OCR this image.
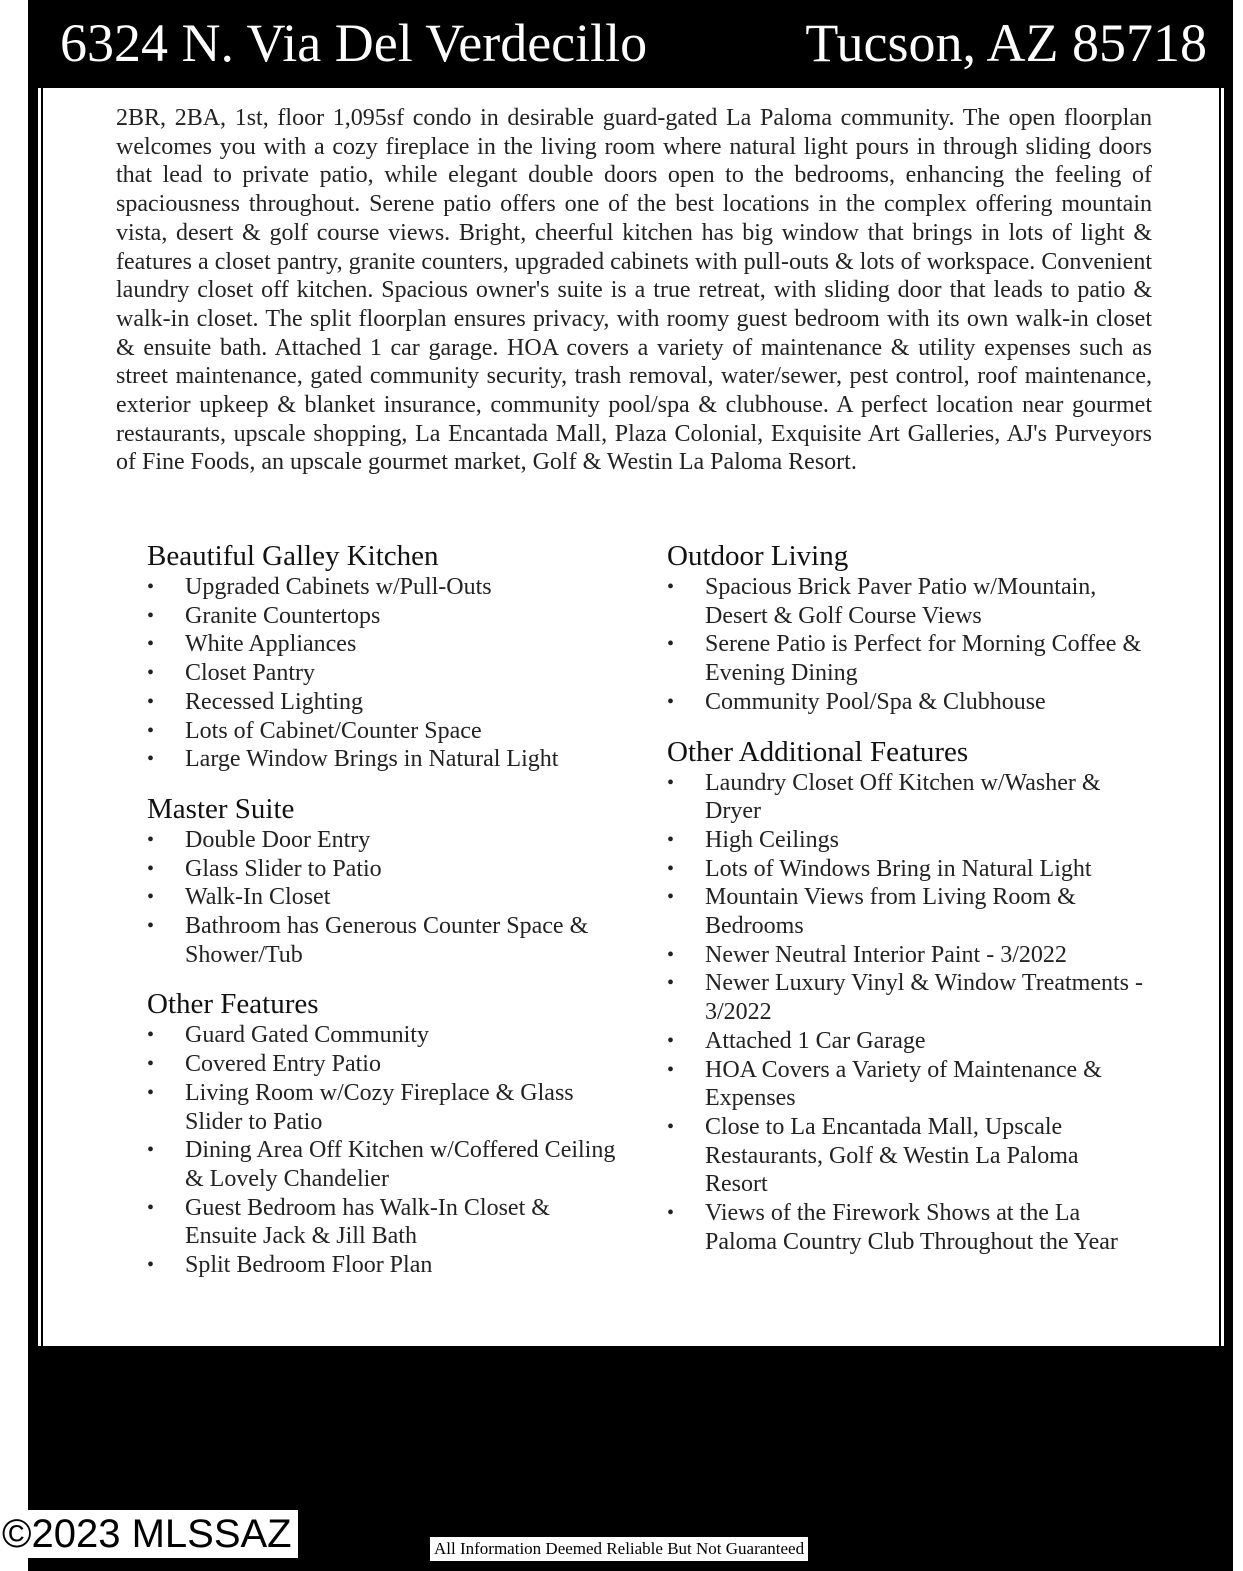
6324 N. Via Del Verdecillo	Tucson, AZ 85718

2BR, 2BA, 1st, floor 1,095sf condo in desirable guard-gated La Paloma community. The open floorplan welcomes you with a cozy fireplace in the living room where natural light pours in through sliding doors that lead to private patio, while elegant double doors open to the bedrooms, enhancing the feeling of spaciousness throughout. Serene patio offers one of the best locations in the complex offering mountain vista, desert & golf course views. Bright, cheerful kitchen has big window that brings in lots of light & features a closet pantry, granite counters, upgraded cabinets with pull-outs & lots of workspace. Convenient laundry closet off kitchen. Spacious owner's suite is a true retreat, with sliding door that leads to patio & walk-in closet. The split floorplan ensures privacy, with roomy guest bedroom with its own walk-in closet & ensuite bath. Attached 1 car garage. HOA covers a variety of maintenance & utility expenses such as street maintenance, gated community security, trash removal, water/sewer, pest control, roof maintenance, exterior upkeep & blanket insurance, community pool/spa & clubhouse. A perfect location near gourmet restaurants, upscale shopping, La Encantada Mall, Plaza Colonial, Exquisite Art Galleries, AJ's Purveyors of Fine Foods, an upscale gourmet market, Golf & Westin La Paloma Resort.

Beautiful Galley Kitchen
• Upgraded Cabinets w/Pull-Outs
• Granite Countertops
• White Appliances
• Closet Pantry
• Recessed Lighting
• Lots of Cabinet/Counter Space
• Large Window Brings in Natural Light
Master Suite
• Double Door Entry
• Glass Slider to Patio
• Walk-In Closet
• Bathroom has Generous Counter Space & Shower/Tub
Other Features
• Guard Gated Community
• Covered Entry Patio
• Living Room w/Cozy Fireplace & Glass Slider to Patio
• Dining Area Off Kitchen w/Coffered Ceiling & Lovely Chandelier
• Guest Bedroom has Walk-In Closet & Ensuite Jack & Jill Bath
• Split Bedroom Floor Plan
Outdoor Living
• Spacious Brick Paver Patio w/Mountain, Desert & Golf Course Views
• Serene Patio is Perfect for Morning Coffee & Evening Dining
• Community Pool/Spa & Clubhouse
Other Additional Features
• Laundry Closet Off Kitchen w/Washer & Dryer
• High Ceilings
• Lots of Windows Bring in Natural Light
• Mountain Views from Living Room & Bedrooms
• Newer Neutral Interior Paint - 3/2022
• Newer Luxury Vinyl & Window Treatments - 3/2022
• Attached 1 Car Garage
• HOA Covers a Variety of Maintenance & Expenses
• Close to La Encantada Mall, Upscale Restaurants, Golf & Westin La Paloma Resort
• Views of the Firework Shows at the La Paloma Country Club Throughout the Year
©2023 MLSSAZ	All Information Deemed Reliable But Not Guaranteed
